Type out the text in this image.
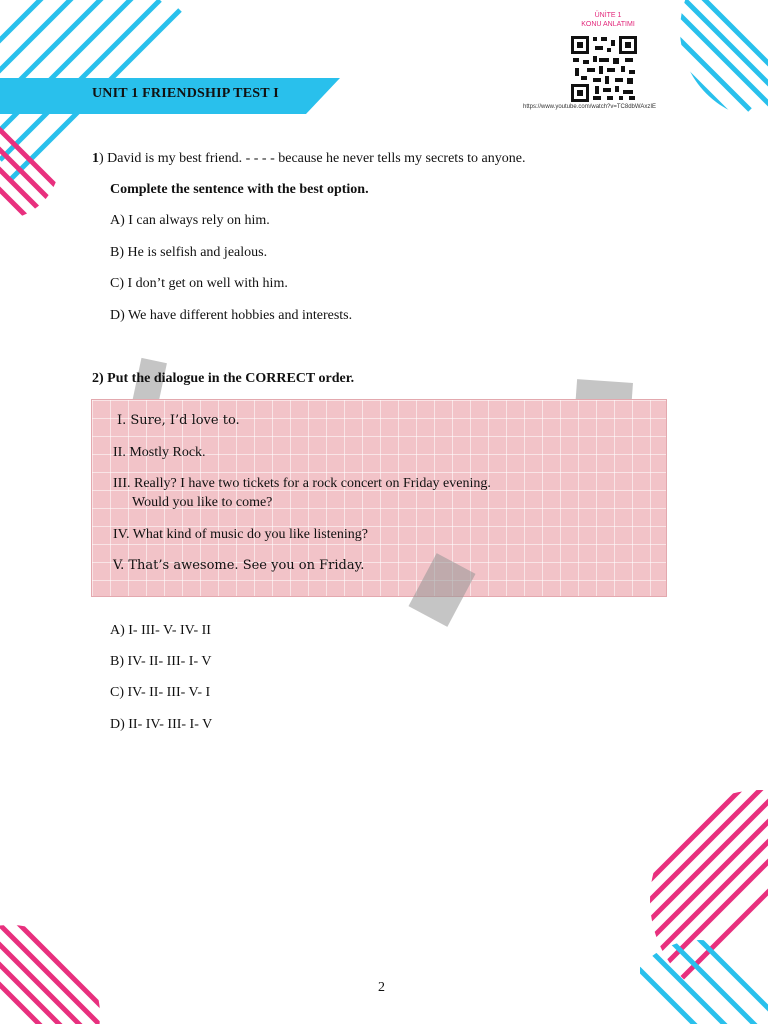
UNIT 1 FRIENDSHIP TEST I
ÜNİTE 1
KONU ANLATIMI
https://www.youtube.com/watch?v=TC8dbWAxzIE
1) David is my best friend. - - - - because he never tells my secrets to anyone.
Complete the sentence with the best option.
A) I can always rely on him.
B) He is selfish and jealous.
C) I don’t get on well with him.
D) We have different hobbies and interests.
2) Put the dialogue in the CORRECT order.
I. Sure, I’d love to.
II. Mostly Rock.
III. Really? I have two tickets for a rock concert on Friday evening.
Would you like to come?
IV. What kind of music do you like listening?
V. That’s awesome. See you on Friday.
A) I- III- V- IV- II
B) IV- II- III- I- V
C) IV- II- III- V- I
D) II- IV- III- I- V
2
